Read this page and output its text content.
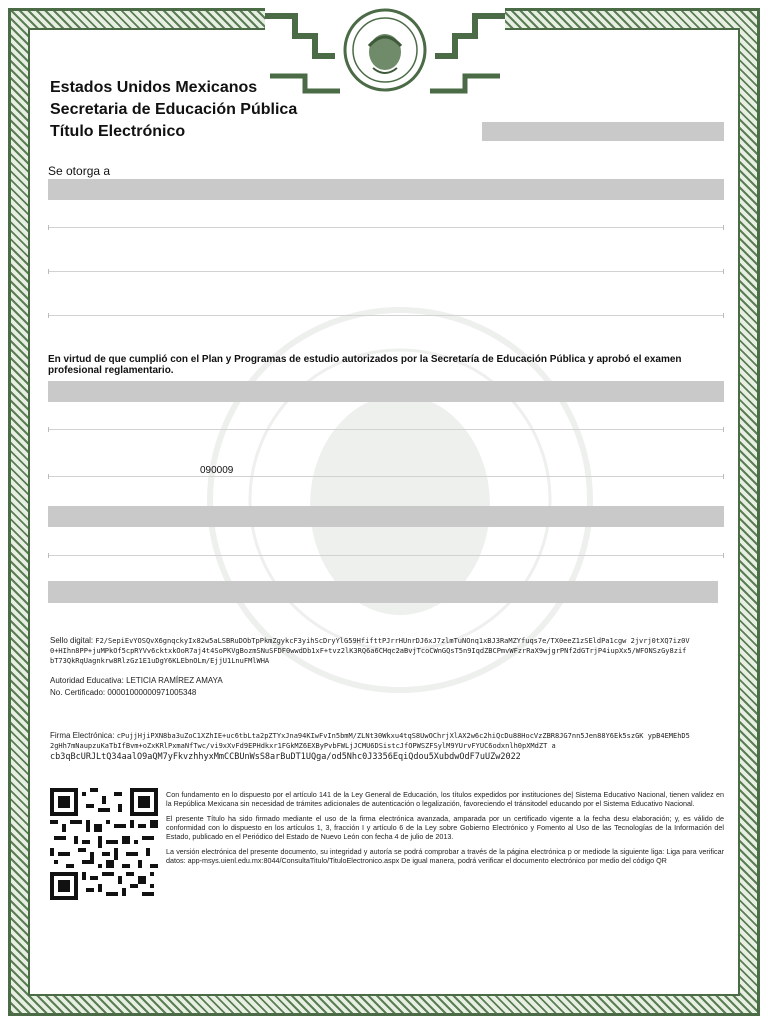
Estados Unidos Mexicanos
Secretaria de Educación Pública
Título Electrónico
Se otorga a
En virtud de que cumplió con el Plan y Programas de estudio autorizados por la Secretaría de Educación Pública y aprobó el examen profesional reglamentario.
090009
Sello digital: F2/SepiEvYOSQvX6gnqckyIx82w5aLSBRuDObTpPkmZgykcF3yihScDryYlG59HfifttPJrrHUnrDJ6xJ7zlmTuNOnq1xBJ3RaMZYfuqs7e/TX0eeZ1zSEldPa1cgw 2jvrj0tXQ7iz0V0+HIhn8PP+juMPkOf5cpRYVv6cktxkOoR7aj4t4SoPKVgBozmSNuSFDF0wwdDb1xF+tvz2lK3RQ6a6CHqc2aBvjTcoCWnGQsT5n9IqdZBCPmvWFzrRaX9wjgrPNf2dGTrjP4iupXx5/WFONSzGy8zifbT73QkRqUagnkrw8RlzGz1E1uDgY6KLEbnOLm/EjjU1LnuFMlWHA
Autoridad Educativa: LETICIA RAMÍREZ AMAYA
No. Certificado: 00001000000971005348
Firma Electrónica: cPujjHjiPXN8ba3uZoC1XZhIE+uc6tbLta2pZTYxJna94KIwFvIn5bmM/ZLNt30Wkxu4tqS8UwOChrjXlAX2w6c2hiQcDu88HocVzZBR8JG7nn5Jen88Y6Ek5szGK ypB4EMEhD52gHh7mNaupzuKaTbIfBvm+oZxKRlPxmaNfTwc/vi9xXvFd9EPHdkxr1FGkMZ6EXByPvbFWLjJCMU6DSistcJfOPWSZFSylM9YUrvFYUC6odxnlh0pXMdZT a
cb3qBcURJLtQ34aalO9aQM7yFkvzhhyxMmCCBUnWsS8arBuDT1UQga/od5Nhc0J3356EqiQdou5XubdwOdF7uUZw2022

Con fundamento en lo dispuesto por el artículo 141 de la Ley General de Educación, los títulos expedidos por instituciones de| Sistema Educativo Nacional, tienen validez en la República Mexicana sin necesidad de trámites adicionales de autenticación o legalización, favoreciendo el tránsitodel educando por el Sistema Educativo Nacional.

El presente Título ha sido firmado mediante el uso de la firma electrónica avanzada, amparada por un certificado vigente a la fecha desu elaboración; y, es válido de conformidad con lo dispuesto en los artículos 1, 3, fracción I y artículo 6 de la Ley sobre Gobierno Electrónico y Fomento al Uso de las Tecnologías de la Información del Estado, publicado en el Periódico del Estado de Nuevo León con fecha 4 de julio de 2013.

La versión electrónica del presente documento, su integridad y autoría se podrá comprobar a través de la página electrónica p or mediode la siguiente liga: Liga para verificar datos: app-msys.uienl.edu.mx:8044/ConsultaTitulo/TituloElectronico.aspx De igual manera, podrá verificar el documento electrónico por medio del código QR
